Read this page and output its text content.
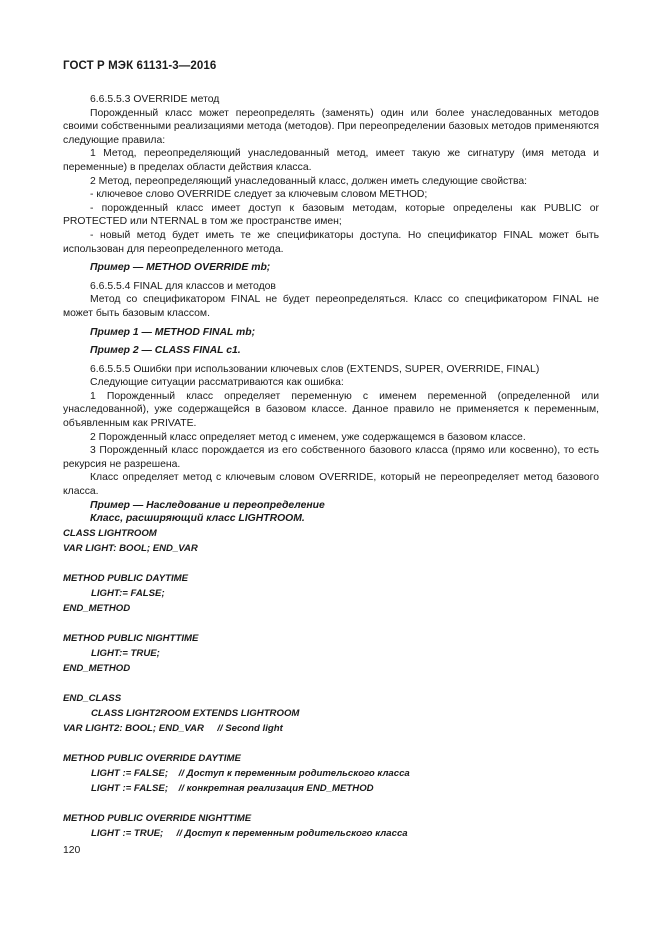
ГОСТ Р МЭК 61131-3—2016

6.6.5.5.3 OVERRIDE метод

Порожденный класс может переопределять (заменять) один или более унаследованных методов своими собственными реализациями метода (методов). При переопределении базовых методов применяются следующие правила:

1 Метод, переопределяющий унаследованный метод, имеет такую же сигнатуру (имя метода и переменные) в пределах области действия класса.

2 Метод, переопределяющий унаследованный класс, должен иметь следующие свойства:

- ключевое слово OVERRIDE следует за ключевым словом METHOD;

- порожденный класс имеет доступ к базовым методам, которые определены как PUBLIC or PROTECTED или NTERNAL в том же пространстве имен;

- новый метод будет иметь те же спецификаторы доступа. Но спецификатор FINAL может быть использован для переопределенного метода.

Пример — METHOD OVERRIDE mb;

6.6.5.5.4 FINAL для классов и методов

Метод со спецификатором FINAL не будет переопределяться. Класс со спецификатором FINAL не может быть базовым классом.

Пример 1 — METHOD FINAL mb;

Пример 2 — CLASS FINAL c1.

6.6.5.5.5 Ошибки при использовании ключевых слов (EXTENDS, SUPER, OVERRIDE, FINAL)

Следующие ситуации рассматриваются как ошибка:

1 Порожденный класс определяет переменную с именем переменной (определенной или унаследованной), уже содержащейся в базовом классе. Данное правило не применяется к переменным, объявленным как PRIVATE.

2 Порожденный класс определяет метод с именем, уже содержащемся в базовом классе.

3 Порожденный класс порождается из его собственного базового класса (прямо или косвенно), то есть рекурсия не разрешена.

Класс определяет метод с ключевым словом OVERRIDE, который не переопределяет метод базового класса.

Пример — Наследование и переопределение

Класс, расширяющий класс LIGHTROOM.

CLASS LIGHTROOM
VAR LIGHT: BOOL; END_VAR
METHOD PUBLIC DAYTIME
LIGHT:= FALSE;
END_METHOD
METHOD PUBLIC NIGHTTIME
LIGHT:= TRUE;
END_METHOD
END_CLASS
CLASS LIGHT2ROOM EXTENDS LIGHTROOM
VAR LIGHT2: BOOL; END_VAR     // Second light
METHOD PUBLIC OVERRIDE DAYTIME
LIGHT := FALSE;    // Доступ к переменным родительского класса
LIGHT := FALSE;    // конкретная реализация END_METHOD
METHOD PUBLIC OVERRIDE NIGHTTIME
LIGHT := TRUE;     // Доступ к переменным родительского класса
120
